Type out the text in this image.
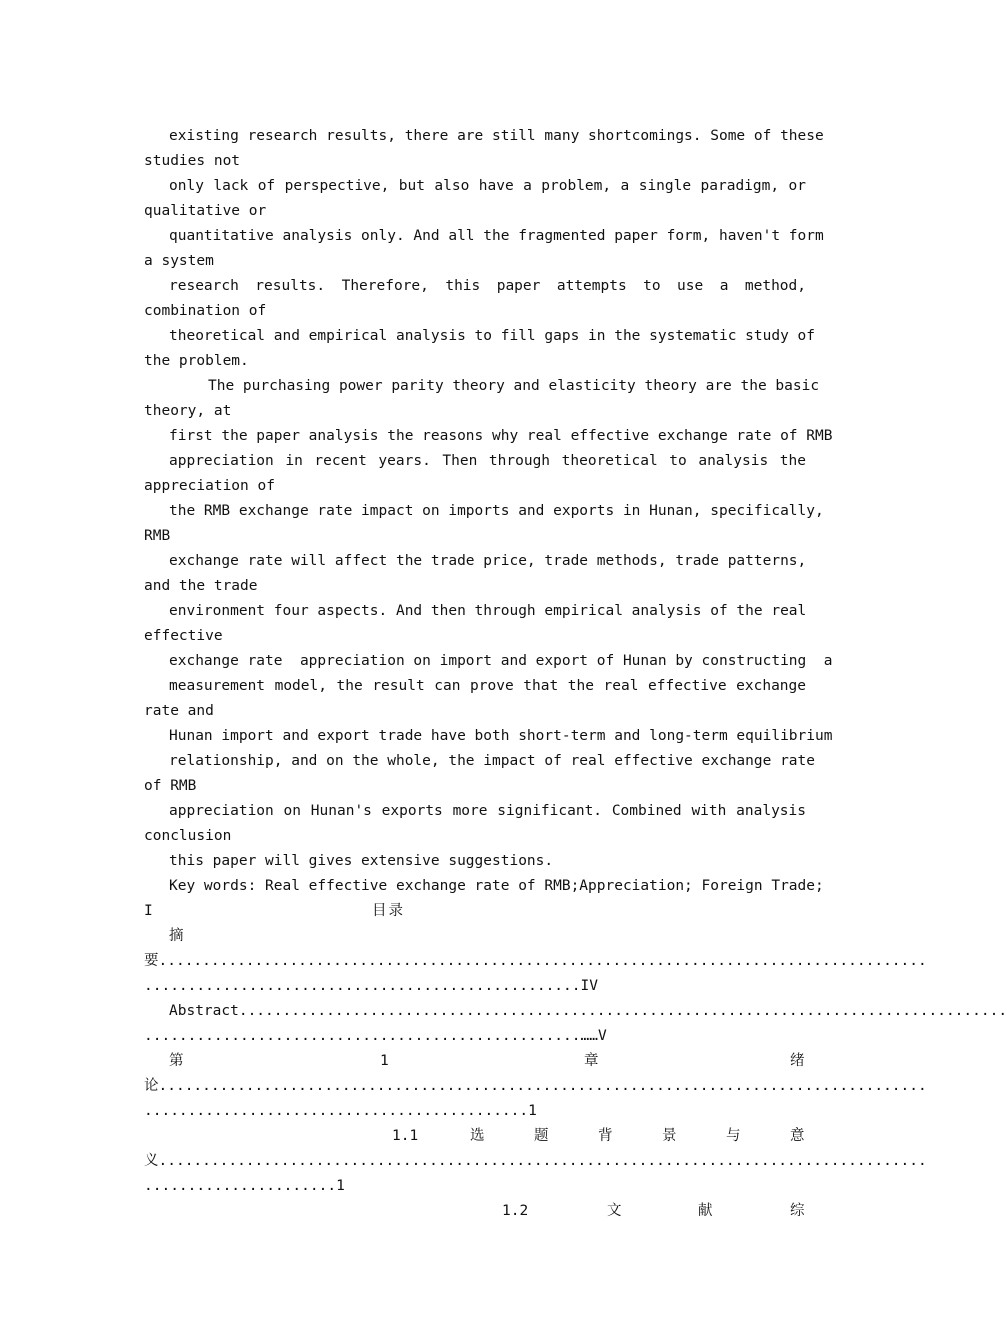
existing research results, there are still many shortcomings. Some of these
studies not
only lack of perspective, but also have a problem, a single paradigm, or
qualitative or
quantitative analysis only. And all the fragmented paper form, haven't form
a system
research results. Therefore, this paper attempts to use a method,
combination of
theoretical and empirical analysis to fill gaps in the systematic study of
the problem.
The purchasing power parity theory and elasticity theory are the basic
theory, at
first the paper analysis the reasons why real effective exchange rate of RMB
appreciation in recent years. Then through theoretical to analysis the
appreciation of
the RMB exchange rate impact on imports and exports in Hunan, specifically,
RMB
exchange rate will affect the trade price, trade methods, trade patterns,
and the trade
environment four aspects. And then through empirical analysis of the real
effective
exchange rate  appreciation on import and export of Hunan by constructing  a
measurement model, the result can prove that the real effective exchange
rate and
Hunan import and export trade have both short-term and long-term equilibrium
relationship, and on the whole, the impact of real effective exchange rate
of RMB
appreciation on Hunan's exports more significant. Combined with analysis
conclusion
this paper will gives extensive suggestions.
Key words: Real effective exchange rate of RMB;Appreciation; Foreign Trade;
I	目录
摘
要........................................................................................
..................................................IV
Abstract........................................................................................
..................................................……V
第	1	章	绪
论........................................................................................
............................................1
1.1	选	题	背	景	与	意
义........................................................................................
......................1
1.2	文	献	综
